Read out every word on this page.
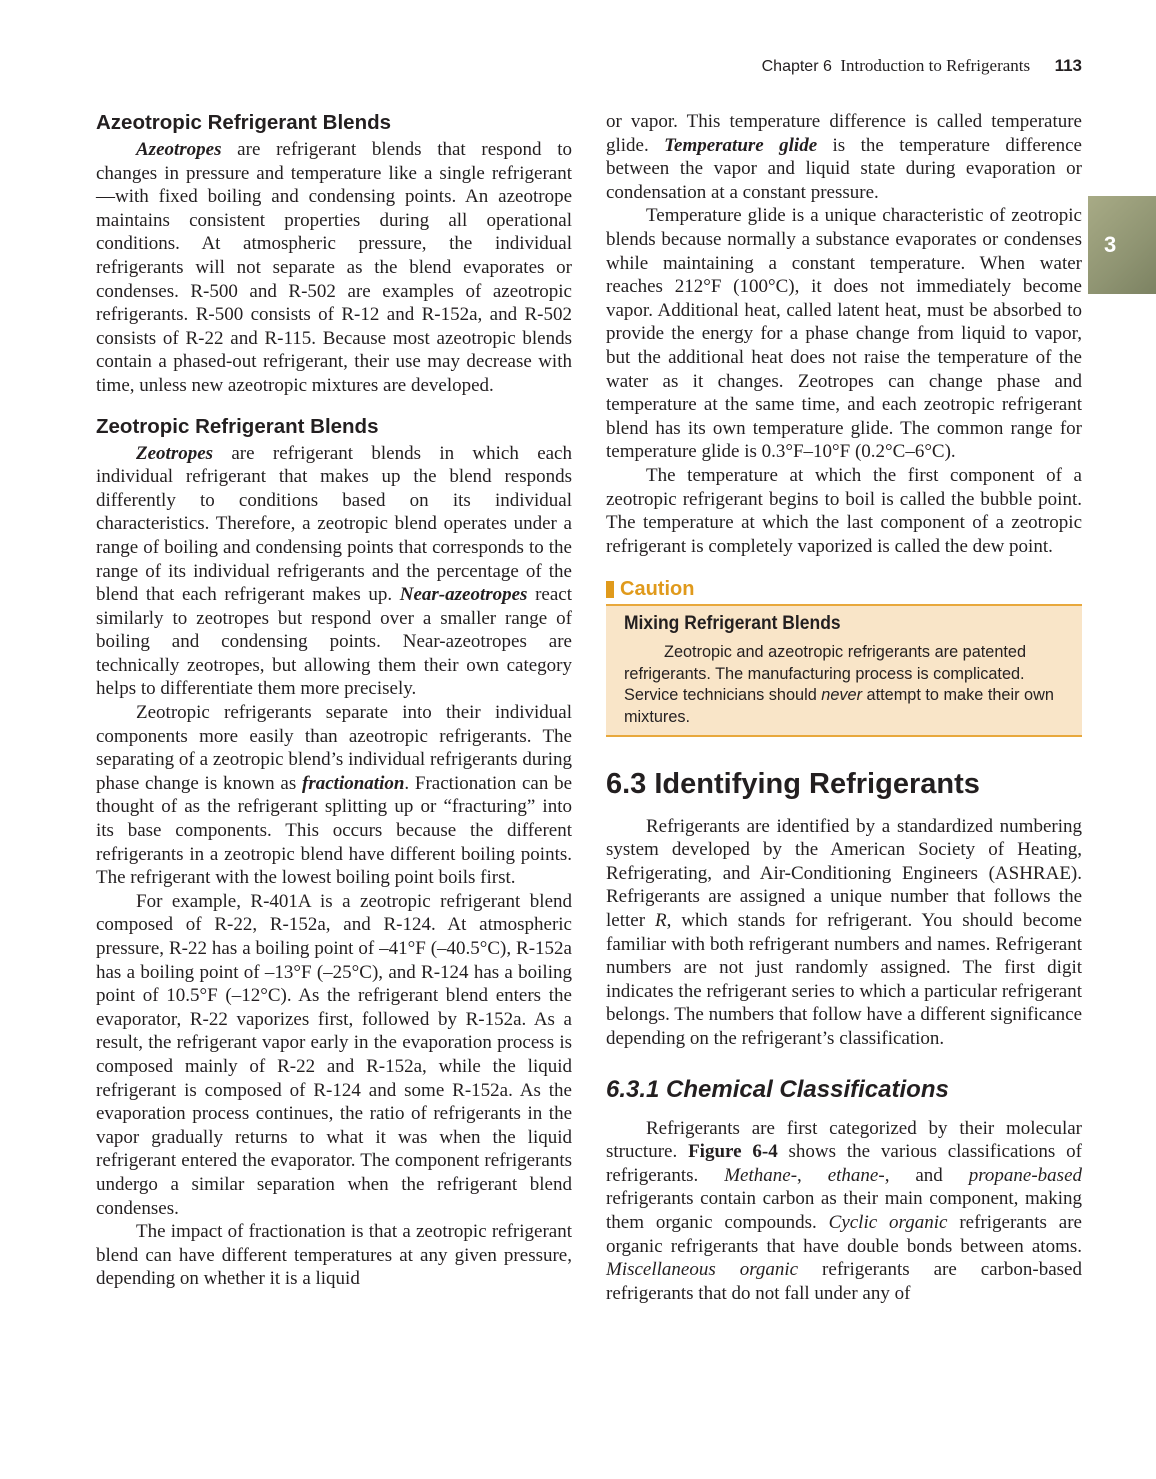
Chapter 6 Introduction to Refrigerants 113
3
Azeotropic Refrigerant Blends

Azeotropes are refrigerant blends that respond to changes in pressure and temperature like a single refrigerant—with fixed boiling and condensing points. An azeotrope maintains consistent properties during all operational conditions. At atmospheric pressure, the individual refrigerants will not separate as the blend evaporates or condenses. R-500 and R-502 are examples of azeotropic refrigerants. R-500 consists of R-12 and R-152a, and R-502 consists of R-22 and R-115. Because most azeotropic blends contain a phased-out refrigerant, their use may decrease with time, unless new azeotropic mixtures are developed.

Zeotropic Refrigerant Blends

Zeotropes are refrigerant blends in which each individual refrigerant that makes up the blend responds differently to conditions based on its individual characteristics. Therefore, a zeotropic blend operates under a range of boiling and condensing points that corresponds to the range of its individual refrigerants and the percentage of the blend that each refrigerant makes up. Near-azeotropes react similarly to zeotropes but respond over a smaller range of boiling and condensing points. Near-azeotropes are technically zeotropes, but allowing them their own category helps to differentiate them more precisely.

Zeotropic refrigerants separate into their individual components more easily than azeotropic refrigerants. The separating of a zeotropic blend’s individual refrigerants during phase change is known as fractionation. Fractionation can be thought of as the refrigerant splitting up or “fracturing” into its base components. This occurs because the different refrigerants in a zeotropic blend have different boiling points. The refrigerant with the lowest boiling point boils first.

For example, R-401A is a zeotropic refrigerant blend composed of R-22, R-152a, and R-124. At atmospheric pressure, R-22 has a boiling point of –41°F (–40.5°C), R-152a has a boiling point of –13°F (–25°C), and R-124 has a boiling point of 10.5°F (–12°C). As the refrigerant blend enters the evaporator, R-22 vaporizes first, followed by R-152a. As a result, the refrigerant vapor early in the evaporation process is composed mainly of R-22 and R-152a, while the liquid refrigerant is composed of R-124 and some R-152a. As the evaporation process continues, the ratio of refrigerants in the vapor gradually returns to what it was when the liquid refrigerant entered the evaporator. The component refrigerants undergo a similar separation when the refrigerant blend condenses.

The impact of fractionation is that a zeotropic refrigerant blend can have different temperatures at any given pressure, depending on whether it is a liquid

or vapor. This temperature difference is called temperature glide. Temperature glide is the temperature difference between the vapor and liquid state during evaporation or condensation at a constant pressure.

Temperature glide is a unique characteristic of zeotropic blends because normally a substance evaporates or condenses while maintaining a constant temperature. When water reaches 212°F (100°C), it does not immediately become vapor. Additional heat, called latent heat, must be absorbed to provide the energy for a phase change from liquid to vapor, but the additional heat does not raise the temperature of the water as it changes. Zeotropes can change phase and temperature at the same time, and each zeotropic refrigerant blend has its own temperature glide. The common range for temperature glide is 0.3°F–10°F (0.2°C–6°C).

The temperature at which the first component of a zeotropic refrigerant begins to boil is called the bubble point. The temperature at which the last component of a zeotropic refrigerant is completely vaporized is called the dew point.

Caution
Mixing Refrigerant Blends

Zeotropic and azeotropic refrigerants are patented refrigerants. The manufacturing process is complicated. Service technicians should never attempt to make their own mixtures.

6.3 Identifying Refrigerants

Refrigerants are identified by a standardized numbering system developed by the American Society of Heating, Refrigerating, and Air-Conditioning Engineers (ASHRAE). Refrigerants are assigned a unique number that follows the letter R, which stands for refrigerant. You should become familiar with both refrigerant numbers and names. Refrigerant numbers are not just randomly assigned. The first digit indicates the refrigerant series to which a particular refrigerant belongs. The numbers that follow have a different significance depending on the refrigerant’s classification.

6.3.1 Chemical Classifications

Refrigerants are first categorized by their molecular structure. Figure 6-4 shows the various classifications of refrigerants. Methane-, ethane-, and propane-based refrigerants contain carbon as their main component, making them organic compounds. Cyclic organic refrigerants are organic refrigerants that have double bonds between atoms. Miscellaneous organic refrigerants are carbon-based refrigerants that do not fall under any of
